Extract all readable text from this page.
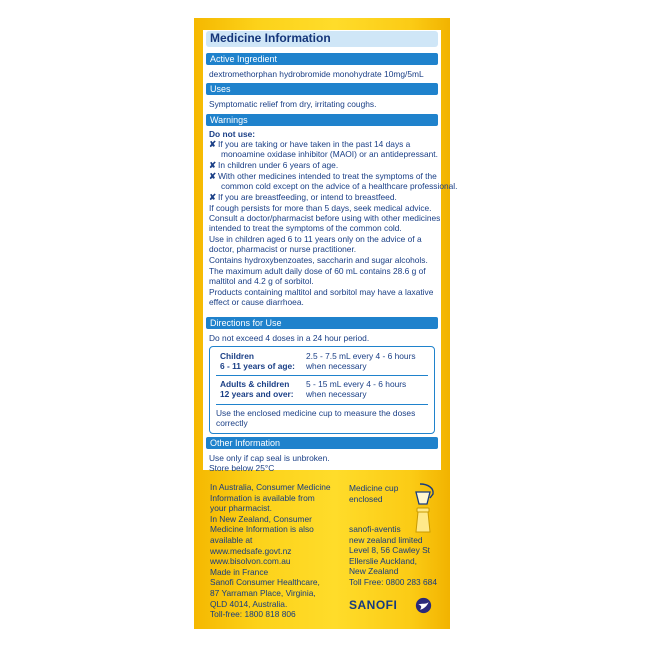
Medicine Information
Active Ingredient
dextromethorphan hydrobromide monohydrate 10mg/5mL
Uses
Symptomatic relief from dry, irritating coughs.
Warnings
Do not use:
✘ If you are taking or have taken in the past 14 days a
monoamine oxidase inhibitor (MAOI) or an antidepressant.
✘ In children under 6 years of age.
✘ With other medicines intended to treat the symptoms of the
common cold except on the advice of a healthcare professional.
✘ If you are breastfeeding, or intend to breastfeed.
If cough persists for more than 5 days, seek medical advice.
Consult a doctor/pharmacist before using with other medicines
intended to treat the symptoms of the common cold.
Use in children aged 6 to 11 years only on the advice of a
doctor, pharmacist or nurse practitioner.
Contains hydroxybenzoates, saccharin and sugar alcohols.
The maximum adult daily dose of 60 mL contains 28.6 g of
maltitol and 4.2 g of sorbitol.
Products containing maltitol and sorbitol may have a laxative
effect or cause diarrhoea.
Directions for Use
Do not exceed 4 doses in a 24 hour period.
Children
6 - 11 years of age:
2.5 - 7.5 mL every 4 - 6 hours
when necessary
Adults & children
12 years and over:
5 - 15 mL every 4 - 6 hours
when necessary
Use the enclosed medicine cup to measure the doses
correctly
Other Information
Use only if cap seal is unbroken.
Store below 25°C
In Australia, Consumer Medicine
Information is available from
your pharmacist.
In New Zealand, Consumer
Medicine Information is also
available at
www.medsafe.govt.nz
www.bisolvon.com.au
Made in France
Sanofi Consumer Healthcare,
87 Yarraman Place, Virginia,
QLD 4014, Australia.
Toll-free: 1800 818 806
Medicine cup
enclosed
sanofi-aventis
new zealand limited
Level 8, 56 Cawley St
Ellerslie Auckland,
New Zealand
Toll Free: 0800 283 684
SANOFI
